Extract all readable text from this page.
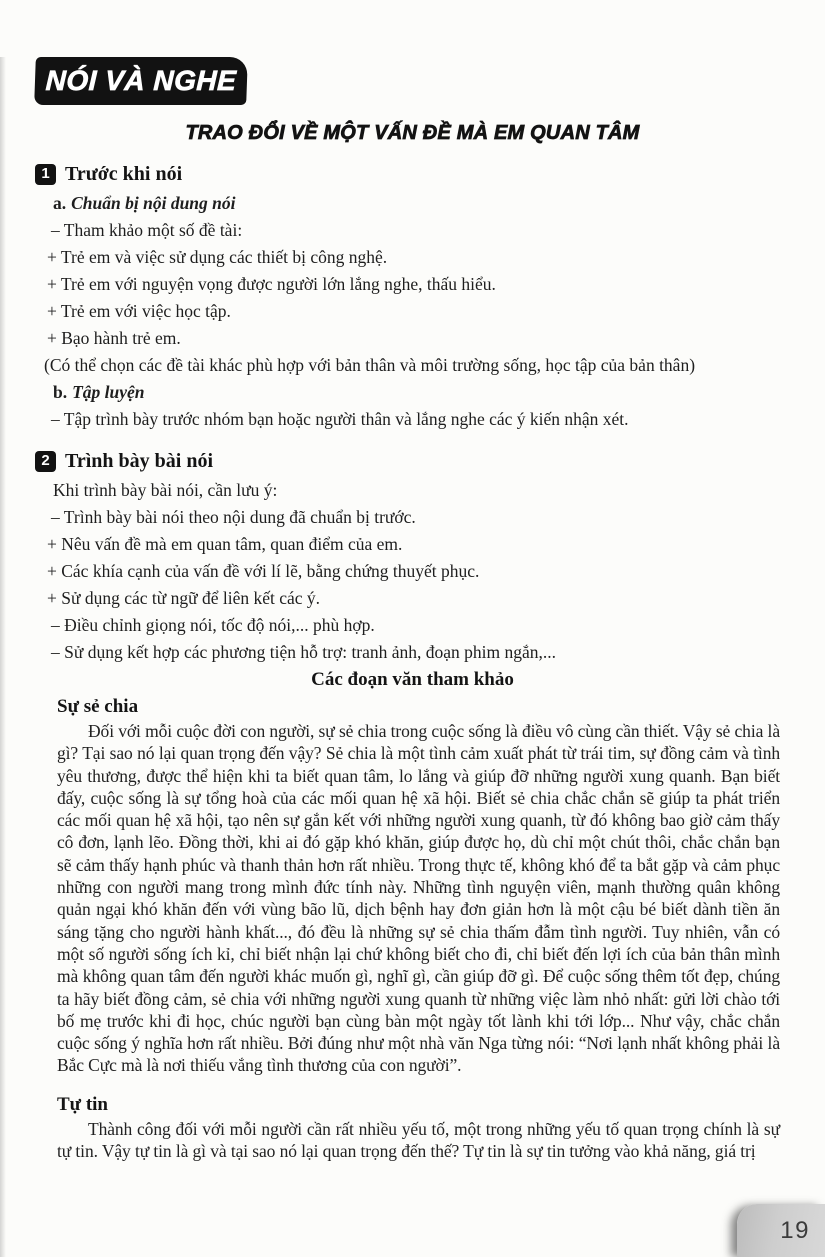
NÓI VÀ NGHE
TRAO ĐỔI VỀ MỘT VẤN ĐỀ MÀ EM QUAN TÂM
1 Trước khi nói

a. Chuẩn bị nội dung nói

– Tham khảo một số đề tài:

+ Trẻ em và việc sử dụng các thiết bị công nghệ.

+ Trẻ em với nguyện vọng được người lớn lắng nghe, thấu hiểu.

+ Trẻ em với việc học tập.

+ Bạo hành trẻ em.

(Có thể chọn các đề tài khác phù hợp với bản thân và môi trường sống, học tập của bản thân)

b. Tập luyện

– Tập trình bày trước nhóm bạn hoặc người thân và lắng nghe các ý kiến nhận xét.

2 Trình bày bài nói

Khi trình bày bài nói, cần lưu ý:

– Trình bày bài nói theo nội dung đã chuẩn bị trước.

+ Nêu vấn đề mà em quan tâm, quan điểm của em.

+ Các khía cạnh của vấn đề với lí lẽ, bằng chứng thuyết phục.

+ Sử dụng các từ ngữ để liên kết các ý.

– Điều chỉnh giọng nói, tốc độ nói,... phù hợp.

– Sử dụng kết hợp các phương tiện hỗ trợ: tranh ảnh, đoạn phim ngắn,...

Các đoạn văn tham khảo
Sự sẻ chia

Đối với mỗi cuộc đời con người, sự sẻ chia trong cuộc sống là điều vô cùng cần thiết. Vậy sẻ chia là gì? Tại sao nó lại quan trọng đến vậy? Sẻ chia là một tình cảm xuất phát từ trái tim, sự đồng cảm và tình yêu thương, được thể hiện khi ta biết quan tâm, lo lắng và giúp đỡ những người xung quanh. Bạn biết đấy, cuộc sống là sự tổng hoà của các mối quan hệ xã hội. Biết sẻ chia chắc chắn sẽ giúp ta phát triển các mối quan hệ xã hội, tạo nên sự gắn kết với những người xung quanh, từ đó không bao giờ cảm thấy cô đơn, lạnh lẽo. Đồng thời, khi ai đó gặp khó khăn, giúp được họ, dù chỉ một chút thôi, chắc chắn bạn sẽ cảm thấy hạnh phúc và thanh thản hơn rất nhiều. Trong thực tế, không khó để ta bắt gặp và cảm phục những con người mang trong mình đức tính này. Những tình nguyện viên, mạnh thường quân không quản ngại khó khăn đến với vùng bão lũ, dịch bệnh hay đơn giản hơn là một cậu bé biết dành tiền ăn sáng tặng cho người hành khất..., đó đều là những sự sẻ chia thấm đẫm tình người. Tuy nhiên, vẫn có một số người sống ích kỉ, chỉ biết nhận lại chứ không biết cho đi, chỉ biết đến lợi ích của bản thân mình mà không quan tâm đến người khác muốn gì, nghĩ gì, cần giúp đỡ gì. Để cuộc sống thêm tốt đẹp, chúng ta hãy biết đồng cảm, sẻ chia với những người xung quanh từ những việc làm nhỏ nhất: gửi lời chào tới bố mẹ trước khi đi học, chúc người bạn cùng bàn một ngày tốt lành khi tới lớp... Như vậy, chắc chắn cuộc sống ý nghĩa hơn rất nhiều. Bởi đúng như một nhà văn Nga từng nói: “Nơi lạnh nhất không phải là Bắc Cực mà là nơi thiếu vắng tình thương của con người”.

Tự tin

Thành công đối với mỗi người cần rất nhiều yếu tố, một trong những yếu tố quan trọng chính là sự tự tin. Vậy tự tin là gì và tại sao nó lại quan trọng đến thế? Tự tin là sự tin tưởng vào khả năng, giá trị

19
